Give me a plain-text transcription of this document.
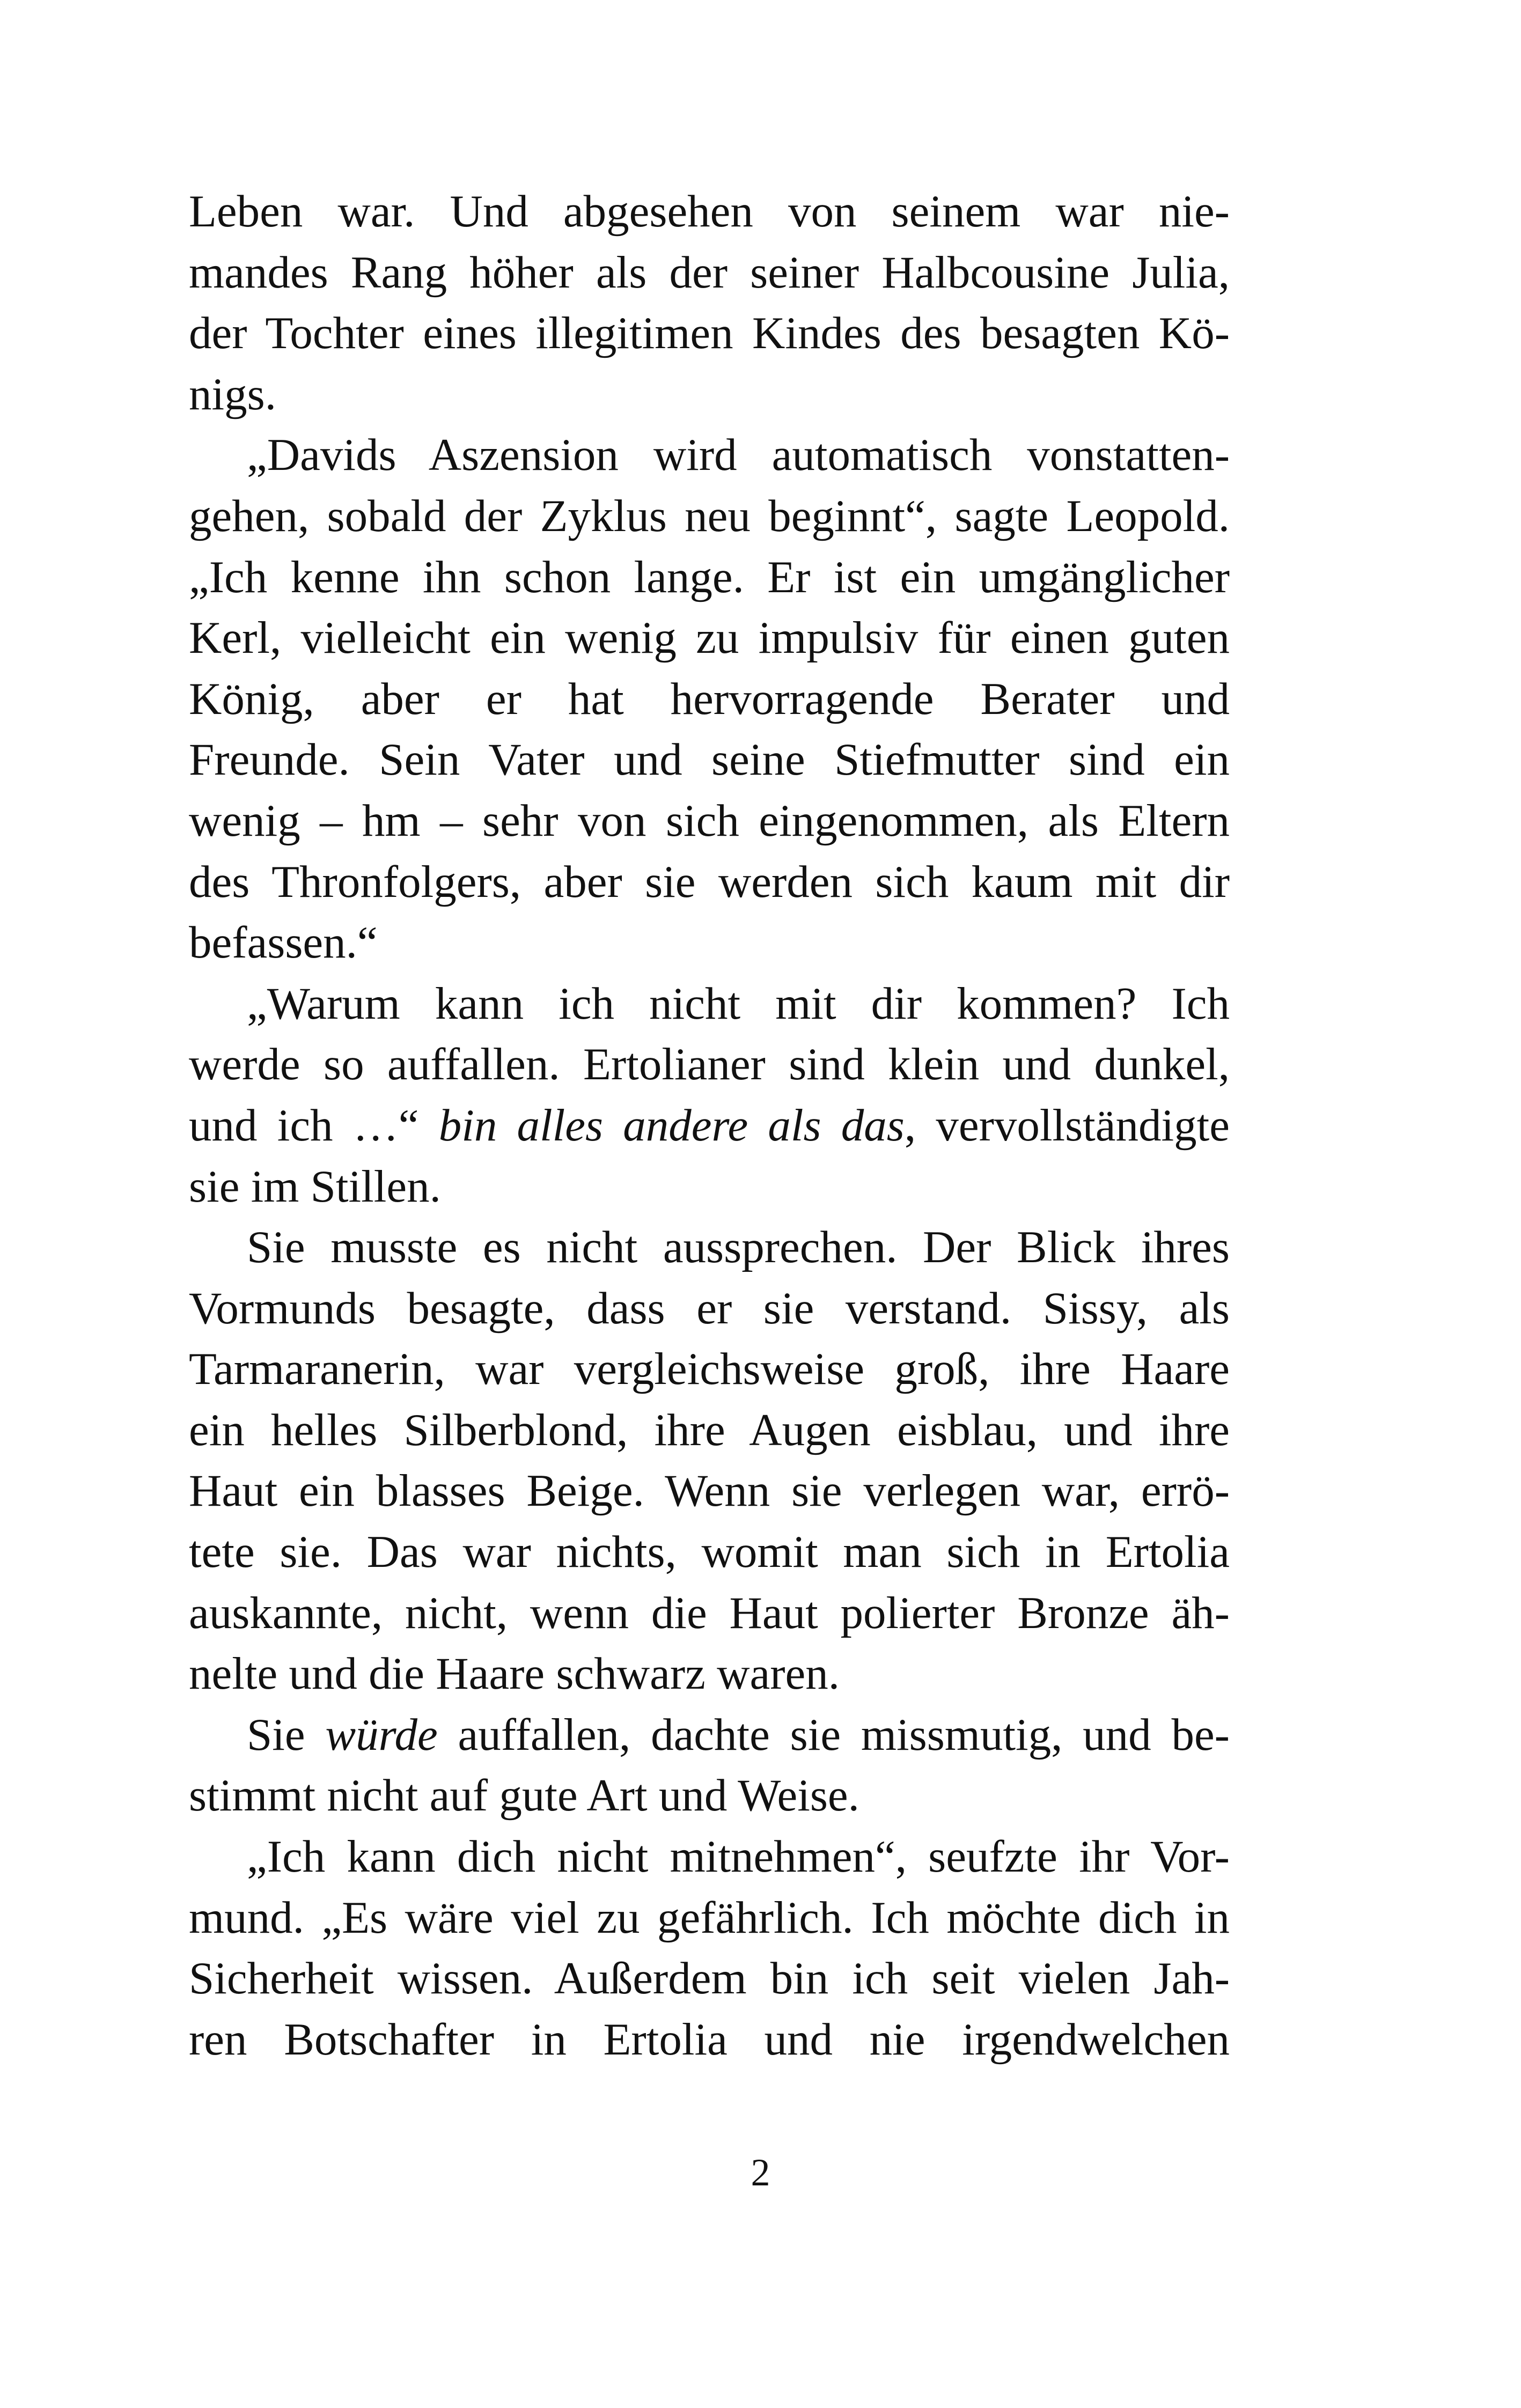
Leben war. Und abgesehen von seinem war nie-
mandes Rang höher als der seiner Halbcousine Julia,
der Tochter eines illegitimen Kindes des besagten Kö-
nigs.
„Davids Aszension wird automatisch vonstatten-
gehen, sobald der Zyklus neu beginnt“, sagte Leopold.
„Ich kenne ihn schon lange. Er ist ein umgänglicher
Kerl, vielleicht ein wenig zu impulsiv für einen guten
König, aber er hat hervorragende Berater und
Freunde. Sein Vater und seine Stiefmutter sind ein
wenig – hm – sehr von sich eingenommen, als Eltern
des Thronfolgers, aber sie werden sich kaum mit dir
befassen.“
„Warum kann ich nicht mit dir kommen? Ich
werde so auffallen. Ertolianer sind klein und dunkel,
und ich …“ bin alles andere als das, vervollständigte
sie im Stillen.
Sie musste es nicht aussprechen. Der Blick ihres
Vormunds besagte, dass er sie verstand. Sissy, als
Tarmaranerin, war vergleichsweise groß, ihre Haare
ein helles Silberblond, ihre Augen eisblau, und ihre
Haut ein blasses Beige. Wenn sie verlegen war, errö-
tete sie. Das war nichts, womit man sich in Ertolia
auskannte, nicht, wenn die Haut polierter Bronze äh-
nelte und die Haare schwarz waren.
Sie würde auffallen, dachte sie missmutig, und be-
stimmt nicht auf gute Art und Weise.
„Ich kann dich nicht mitnehmen“, seufzte ihr Vor-
mund. „Es wäre viel zu gefährlich. Ich möchte dich in
Sicherheit wissen. Außerdem bin ich seit vielen Jah-
ren Botschafter in Ertolia und nie irgendwelchen
2
